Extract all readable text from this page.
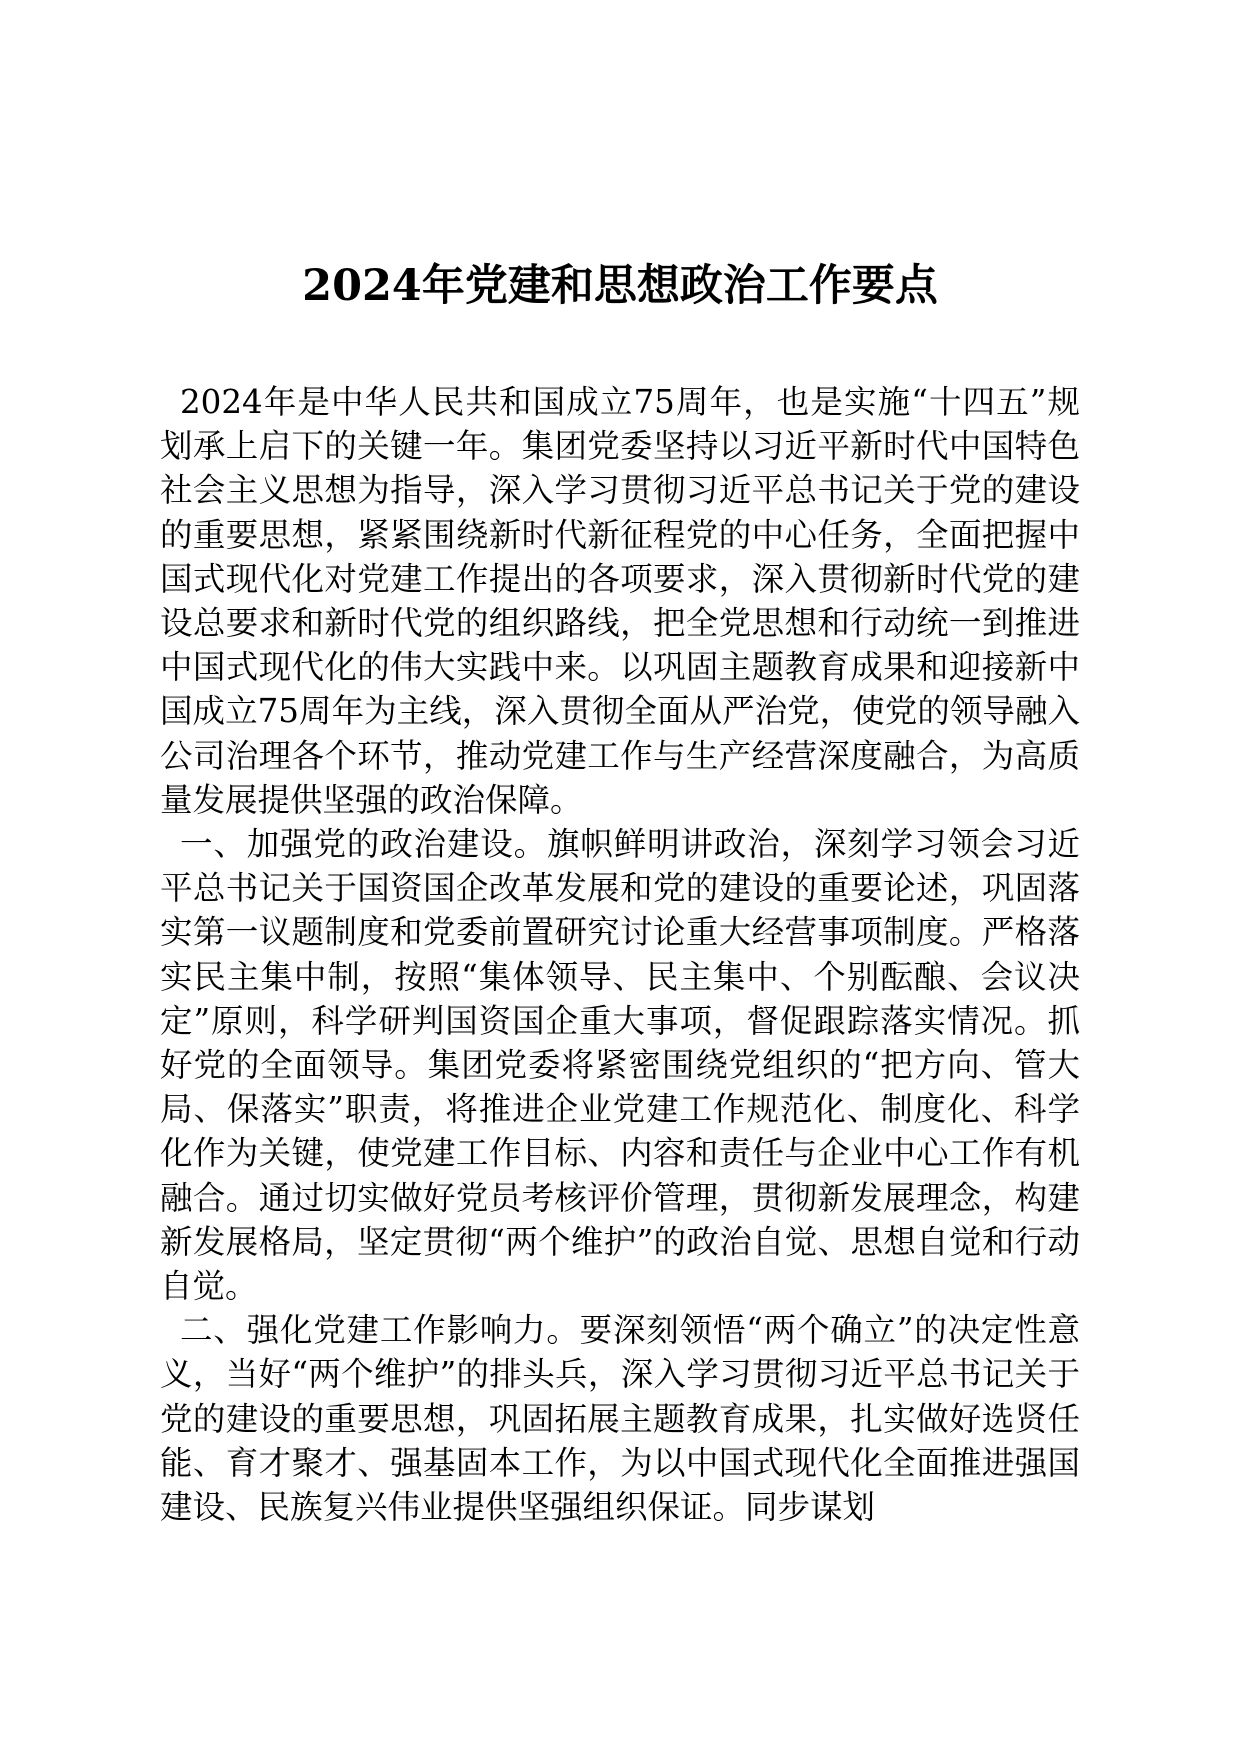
2024年党建和思想政治工作要点

2024年是中华人民共和国成立75周年，也是实施“十四五”规划承上启下的关键一年。集团党委坚持以习近平新时代中国特色社会主义思想为指导，深入学习贯彻习近平总书记关于党的建设的重要思想，紧紧围绕新时代新征程党的中心任务，全面把握中国式现代化对党建工作提出的各项要求，深入贯彻新时代党的建设总要求和新时代党的组织路线，把全党思想和行动统一到推进中国式现代化的伟大实践中来。以巩固主题教育成果和迎接新中国成立75周年为主线，深入贯彻全面从严治党，使党的领导融入公司治理各个环节，推动党建工作与生产经营深度融合，为高质量发展提供坚强的政治保障。

一、加强党的政治建设。旗帜鲜明讲政治，深刻学习领会习近平总书记关于国资国企改革发展和党的建设的重要论述，巩固落实第一议题制度和党委前置研究讨论重大经营事项制度。严格落实民主集中制，按照“集体领导、民主集中、个别酝酿、会议决定”原则，科学研判国资国企重大事项，督促跟踪落实情况。抓好党的全面领导。集团党委将紧密围绕党组织的“把方向、管大局、保落实”职责，将推进企业党建工作规范化、制度化、科学化作为关键，使党建工作目标、内容和责任与企业中心工作有机融合。通过切实做好党员考核评价管理，贯彻新发展理念，构建新发展格局，坚定贯彻“两个维护”的政治自觉、思想自觉和行动自觉。

二、强化党建工作影响力。要深刻领悟“两个确立”的决定性意义，当好“两个维护”的排头兵，深入学习贯彻习近平总书记关于党的建设的重要思想，巩固拓展主题教育成果，扎实做好选贤任能、育才聚才、强基固本工作，为以中国式现代化全面推进强国建设、民族复兴伟业提供坚强组织保证。同步谋划
